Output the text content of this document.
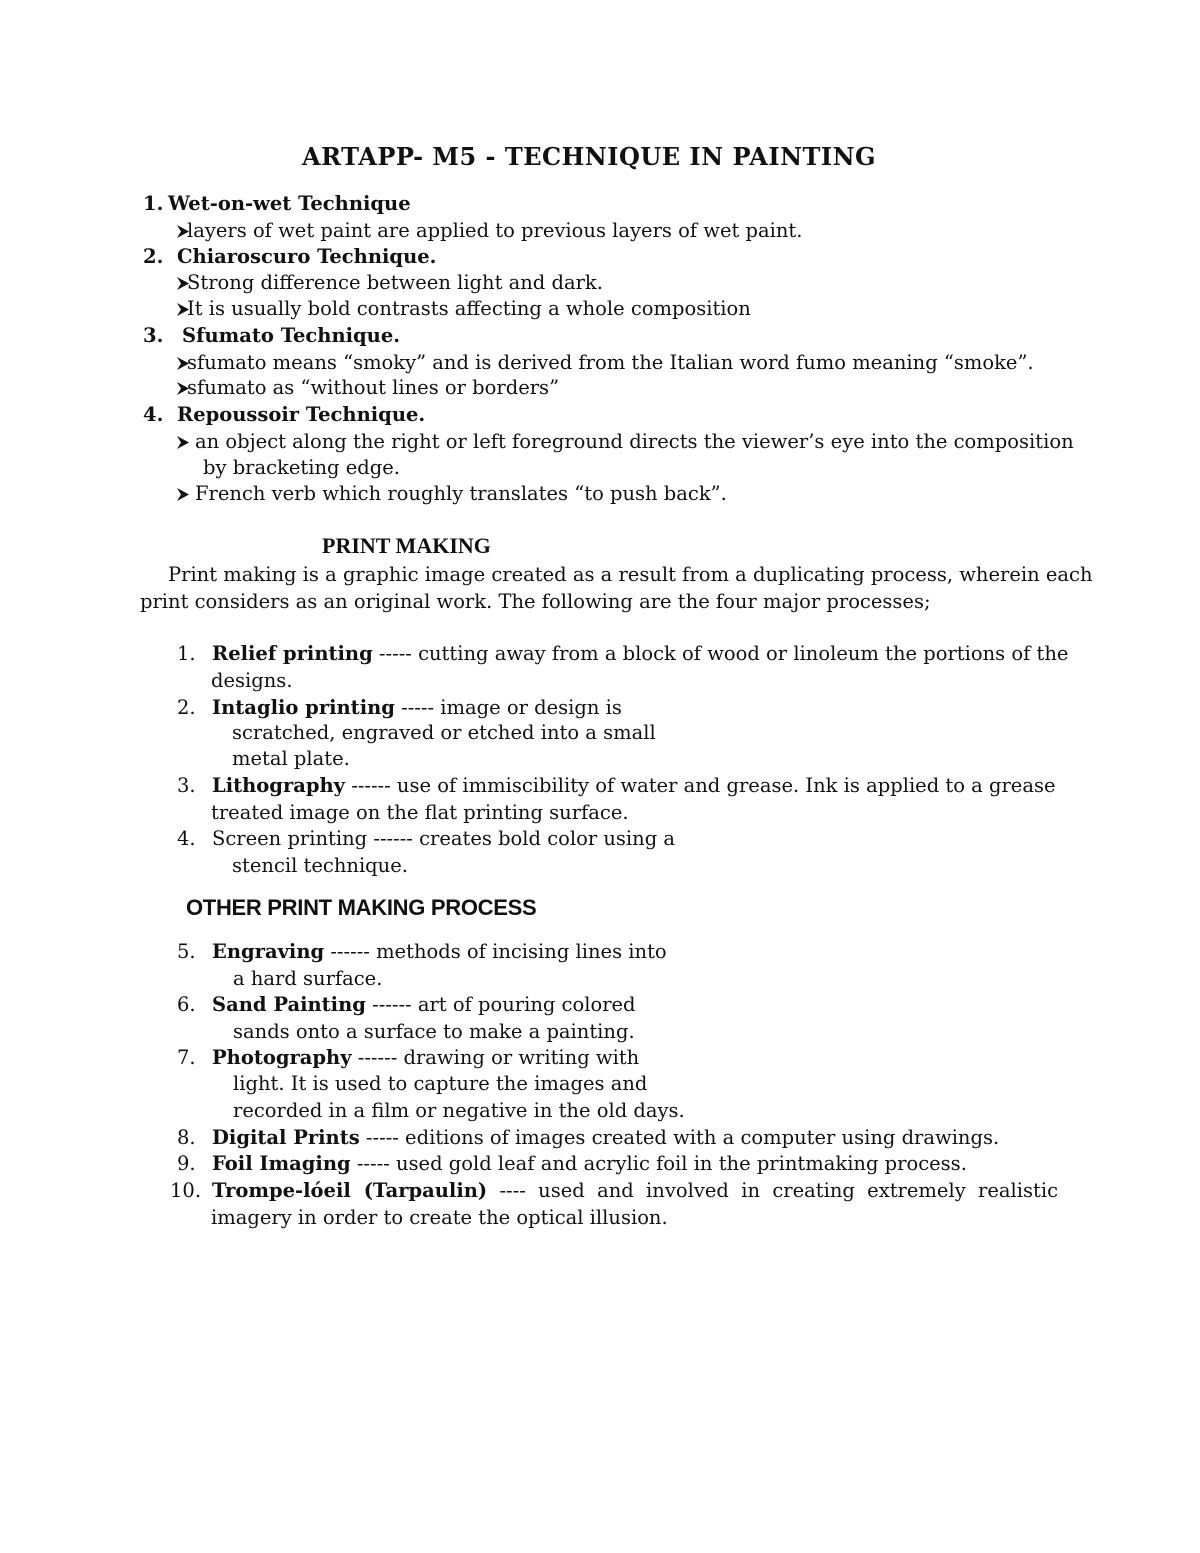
ARTAPP- M5 - TECHNIQUE IN PAINTING
1. Wet-on-wet Technique
layers of wet paint are applied to previous layers of wet paint.
2. Chiaroscuro Technique.
Strong difference between light and dark.
It is usually bold contrasts affecting a whole composition
3. Sfumato Technique.
sfumato means “smoky” and is derived from the Italian word fumo meaning “smoke”.
sfumato as “without lines or borders”
4. Repoussoir Technique.
an object along the right or left foreground directs the viewer’s eye into the composition
by bracketing edge.
French verb which roughly translates “to push back”.
PRINT MAKING
Print making is a graphic image created as a result from a duplicating process, wherein each
print considers as an original work. The following are the four major processes;
1. Relief printing ----- cutting away from a block of wood or linoleum the portions of the
designs.
2. Intaglio printing ----- image or design is
scratched, engraved or etched into a small
metal plate.
3. Lithography ------ use of immiscibility of water and grease. Ink is applied to a grease
treated image on the flat printing surface.
4. Screen printing ------ creates bold color using a
stencil technique.
OTHER PRINT MAKING PROCESS
5. Engraving ------ methods of incising lines into
a hard surface.
6. Sand Painting ------ art of pouring colored
sands onto a surface to make a painting.
7. Photography ------ drawing or writing with
light. It is used to capture the images and
recorded in a film or negative in the old days.
8. Digital Prints ----- editions of images created with a computer using drawings.
9. Foil Imaging ----- used gold leaf and acrylic foil in the printmaking process.
10. Trompe-lóeil (Tarpaulin) ---- used and involved in creating extremely realistic
imagery in order to create the optical illusion.
